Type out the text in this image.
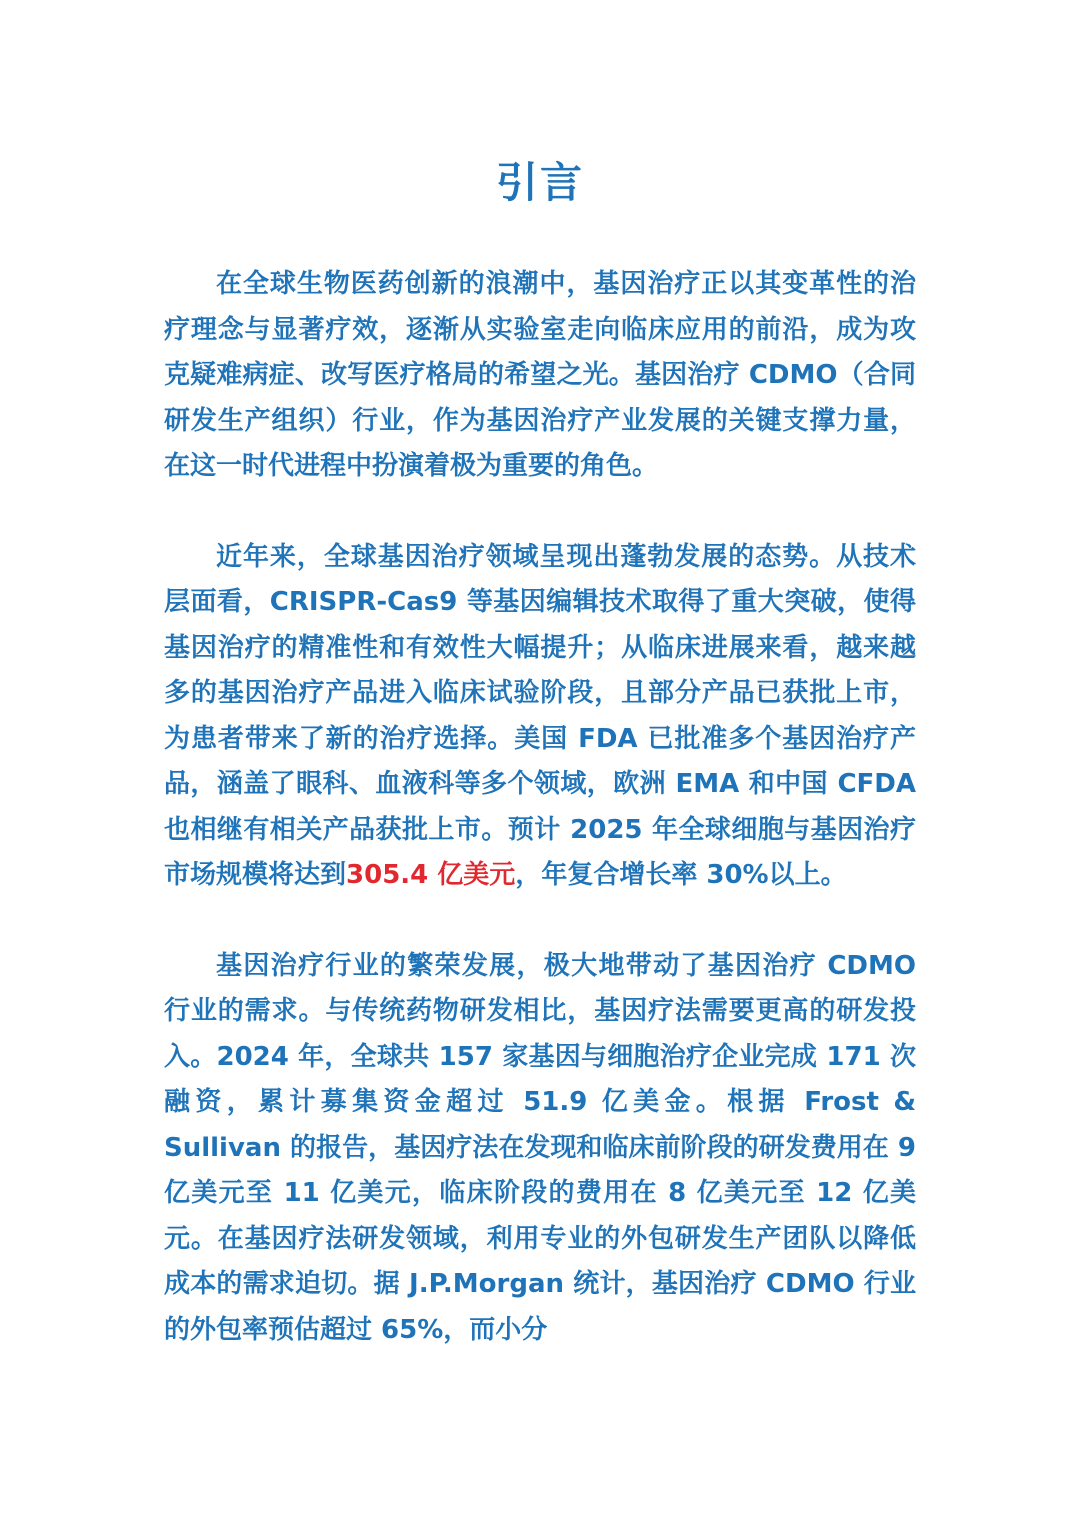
引言

在全球生物医药创新的浪潮中，基因治疗正以其变革性的治疗理念与显著疗效，逐渐从实验室走向临床应用的前沿，成为攻克疑难病症、改写医疗格局的希望之光。基因治疗 CDMO（合同研发生产组织）行业，作为基因治疗产业发展的关键支撑力量，在这一时代进程中扮演着极为重要的角色。

近年来，全球基因治疗领域呈现出蓬勃发展的态势。从技术层面看，CRISPR-Cas9 等基因编辑技术取得了重大突破，使得基因治疗的精准性和有效性大幅提升；从临床进展来看，越来越多的基因治疗产品进入临床试验阶段，且部分产品已获批上市，为患者带来了新的治疗选择。美国 FDA 已批准多个基因治疗产品，涵盖了眼科、血液科等多个领域，欧洲 EMA 和中国 CFDA 也相继有相关产品获批上市。预计 2025 年全球细胞与基因治疗市场规模将达到305.4 亿美元，年复合增长率 30%以上。

基因治疗行业的繁荣发展，极大地带动了基因治疗 CDMO 行业的需求。与传统药物研发相比，基因疗法需要更高的研发投入。2024 年，全球共 157 家基因与细胞治疗企业完成 171 次融资，累计募集资金超过 51.9 亿美金。根据 Frost & Sullivan 的报告，基因疗法在发现和临床前阶段的研发费用在 9 亿美元至 11 亿美元，临床阶段的费用在 8 亿美元至 12 亿美元。在基因疗法研发领域，利用专业的外包研发生产团队以降低成本的需求迫切。据 J.P.Morgan 统计，基因治疗 CDMO 行业的外包率预估超过 65%，而小分
